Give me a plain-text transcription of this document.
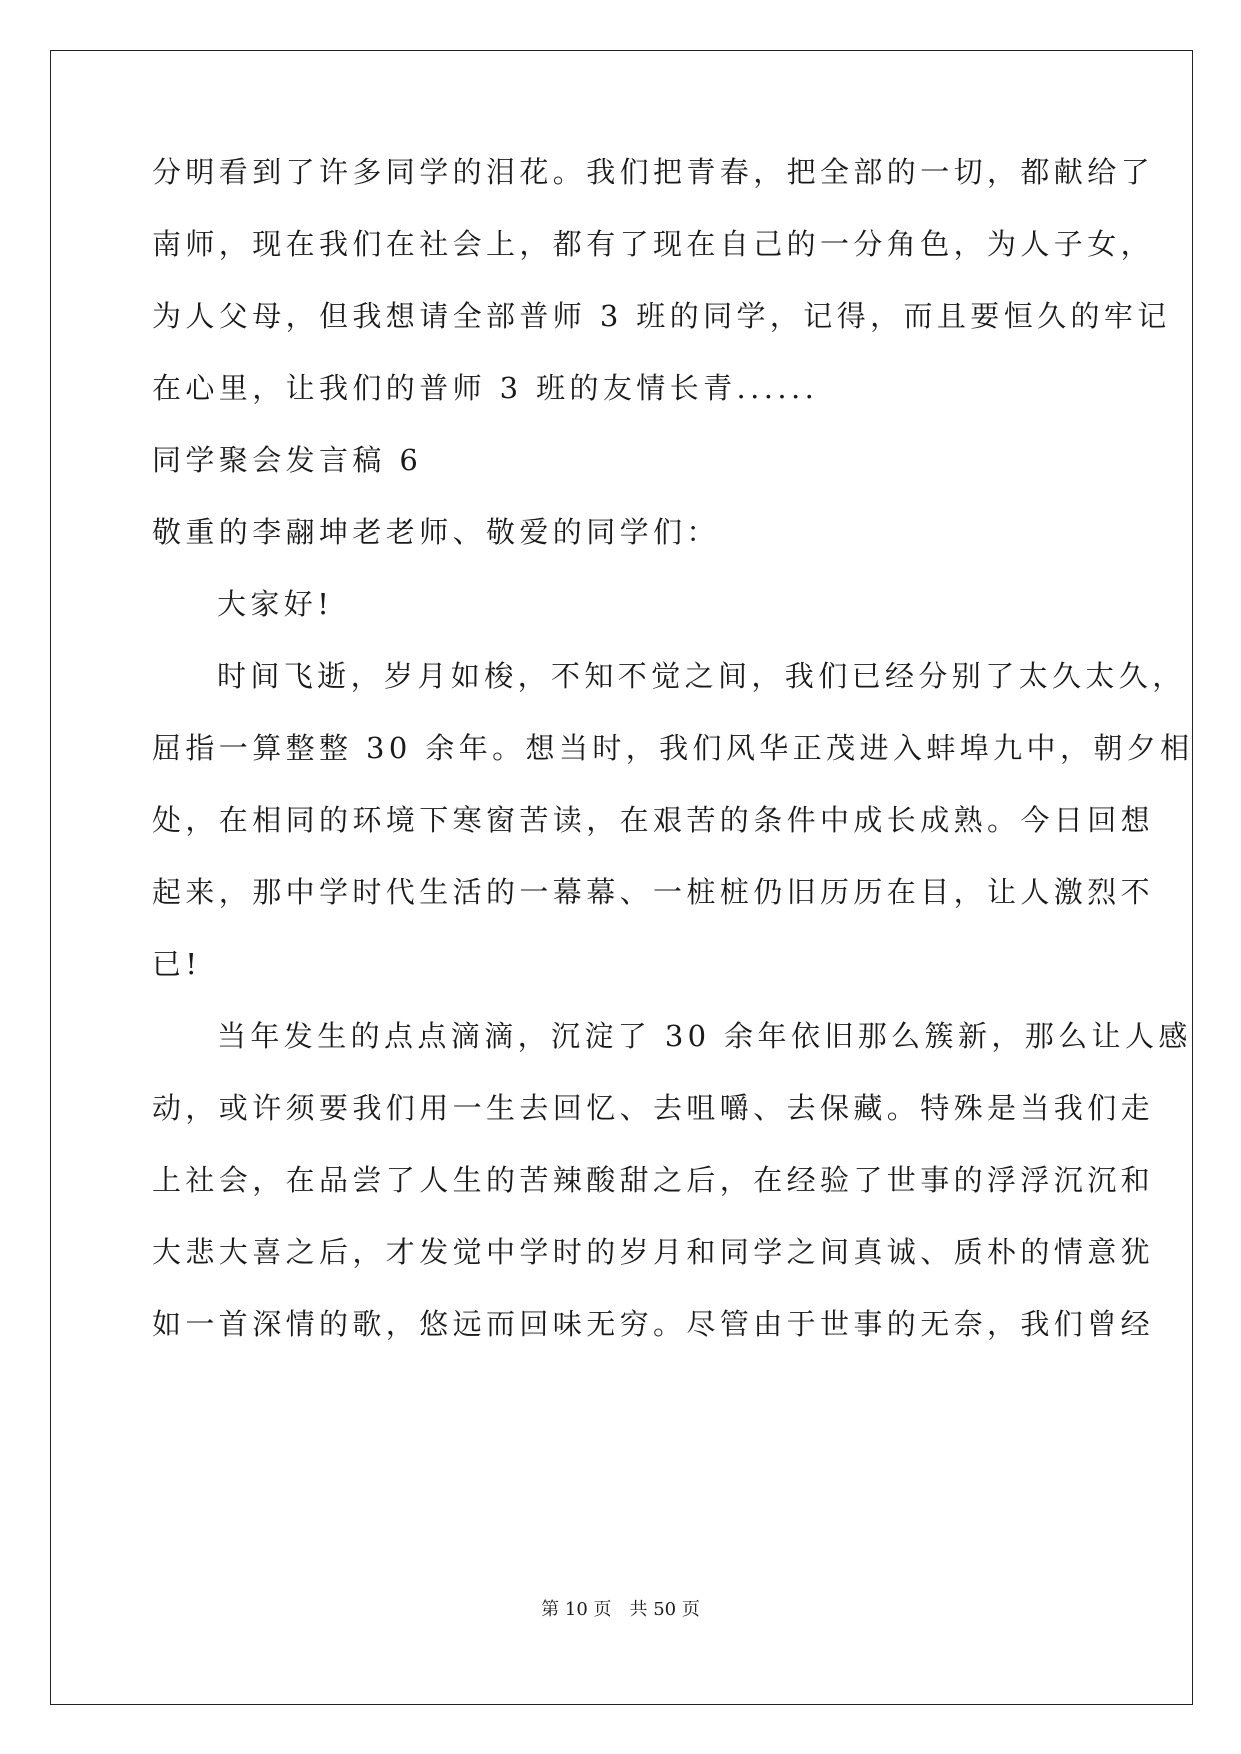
分明看到了许多同学的泪花。我们把青春，把全部的一切，都献给了
南师，现在我们在社会上，都有了现在自己的一分角色，为人子女，
为人父母，但我想请全部普师 3 班的同学，记得，而且要恒久的牢记
在心里，让我们的普师 3 班的友情长青......
同学聚会发言稿 6
敬重的李翮坤老老师、敬爱的同学们：
大家好!
时间飞逝，岁月如梭，不知不觉之间，我们已经分别了太久太久，
屈指一算整整 30 余年。想当时，我们风华正茂进入蚌埠九中，朝夕相
处，在相同的环境下寒窗苦读，在艰苦的条件中成长成熟。今日回想
起来，那中学时代生活的一幕幕、一桩桩仍旧历历在目，让人激烈不
已!
当年发生的点点滴滴，沉淀了 30 余年依旧那么簇新，那么让人感
动，或许须要我们用一生去回忆、去咀嚼、去保藏。特殊是当我们走
上社会，在品尝了人生的苦辣酸甜之后，在经验了世事的浮浮沉沉和
大悲大喜之后，才发觉中学时的岁月和同学之间真诚、质朴的情意犹
如一首深情的歌，悠远而回味无穷。尽管由于世事的无奈，我们曾经
第 10 页 共 50 页
